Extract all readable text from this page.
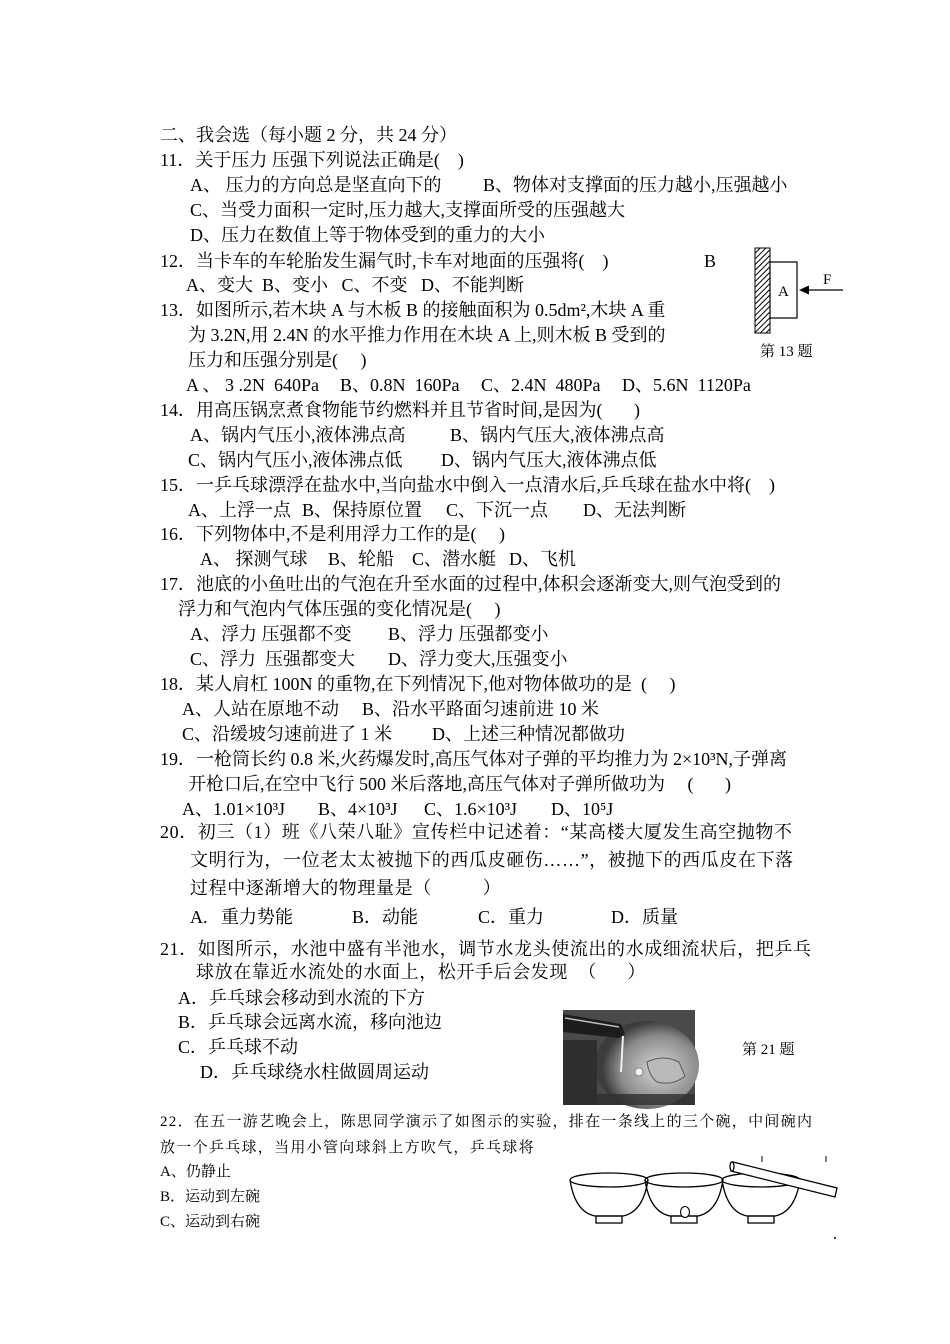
二、我会选（每小题 2 分，共 24 分）
11．关于压力 压强下列说法正确是(    )
A、 压力的方向总是坚直向下的 B、物体对支撑面的压力越小,压强越小
C、当受力面积一定时,压力越大,支撑面所受的压强越大
D、压力在数值上等于物体受到的重力的大小
12．当卡车的车轮胎发生漏气时,卡车对地面的压强将(    )
A、变大  B、变小   C、不变   D、不能判断
13．如图所示,若木块 A 与木板 B 的接触面积为 0.5dm²,木块 A 重
为 3.2N,用 2.4N 的水平推力作用在木块 A 上,则木板 B 受到的
压力和压强分别是(     )
A 、 3 .2N  640Pa B、0.8N  160Pa C、2.4N  480Pa D、5.6N  1120Pa
B
A
F
第 13 题
14．用高压锅烹煮食物能节约燃料并且节省时间,是因为(       )
A、锅内气压小,液体沸点高 B、锅内气压大,液体沸点高
C、锅内气压小,液体沸点低 D、锅内气压大,液体沸点低
15．一乒乓球漂浮在盐水中,当向盐水中倒入一点清水后,乒乓球在盐水中将(    )
A、上浮一点 B、保持原位置 C、下沉一点 D、无法判断
16．下列物体中,不是利用浮力工作的是(     )
A、 探测气球 B、轮船 C、潜水艇 D、飞机
17．池底的小鱼吐出的气泡在升至水面的过程中,体积会逐渐变大,则气泡受到的
浮力和气泡内气体压强的变化情况是(     )
A、浮力 压强都不变 B、浮力 压强都变小
C、浮力  压强都变大 D、浮力变大,压强变小
18．某人肩杠 100N 的重物,在下列情况下,他对物体做功的是  (     )
A、人站在原地不动 B、沿水平路面匀速前进 10 米
C、沿缓坡匀速前进了 1 米 D、上述三种情况都做功
19．一枪筒长约 0.8 米,火药爆发时,高压气体对子弹的平均推力为 2×10³N,子弹离
开枪口后,在空中飞行 500 米后落地,高压气体对子弹所做功为     (       )
A、1.01×10³J B、4×10³J C、1.6×10³J D、10⁵J
20．初三（1）班《八荣八耻》宣传栏中记述着：“某高楼大厦发生高空抛物不
文明行为，一位老太太被抛下的西瓜皮砸伤……”，被抛下的西瓜皮在下落
过程中逐渐增大的物理量是（          ）
A.   重力势能	B．动能	C．重力	D．质量
21．如图所示，水池中盛有半池水，调节水龙头使流出的水成细流状后，把乒乓
球放在靠近水流处的水面上，松开手后会发现  （      ）
A．乒乓球会移动到水流的下方
B．乒乓球会远离水流，移向池边
C．乒乓球不动
D．乒乓球绕水柱做圆周运动
第 21 题
22．在五一游艺晚会上，陈思同学演示了如图示的实验，排在一条线上的三个碗，中间碗内
放一个乒乓球，当用小管向球斜上方吹气，乒乓球将
A、仍静止
B．运动到左碗
C、运动到右碗
